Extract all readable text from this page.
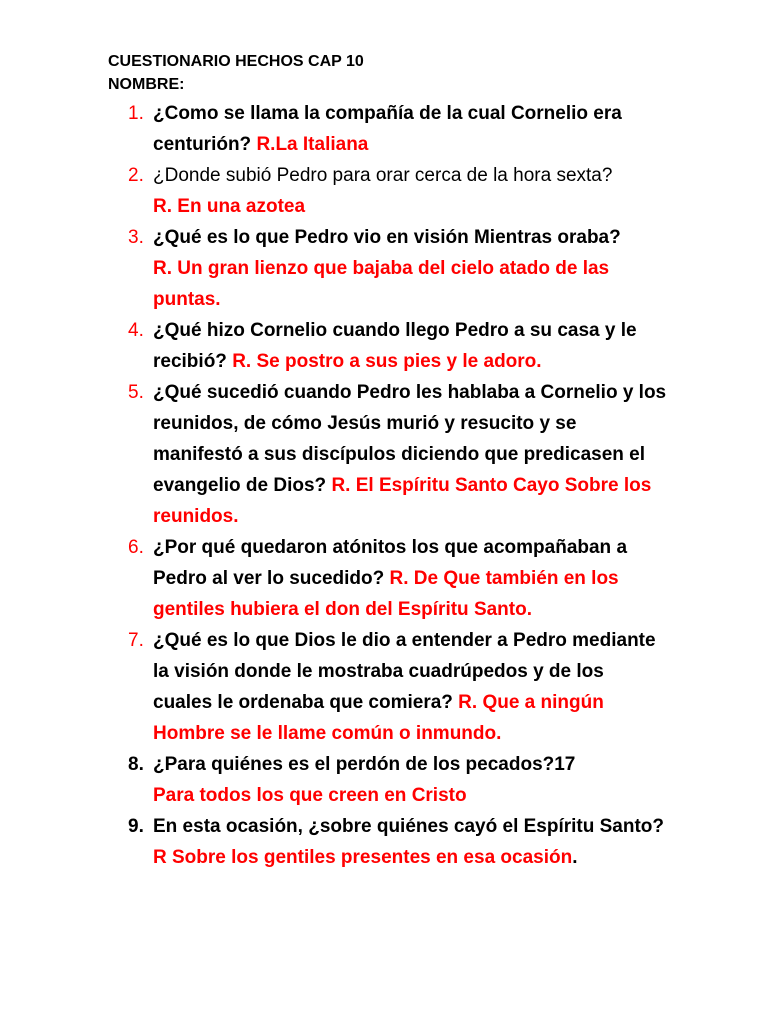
CUESTIONARIO HECHOS CAP 10
NOMBRE:
1. ¿Como se llama la compañía de la cual Cornelio era centurión? R.La Italiana
2. ¿Donde subió Pedro para orar cerca de la hora sexta?
R. En una azotea
3. ¿Qué es lo que Pedro vio en visión Mientras oraba?
R. Un gran lienzo que bajaba del cielo atado de las puntas.
4. ¿Qué hizo Cornelio cuando llego Pedro a su casa y le recibió? R. Se postro a sus pies y le adoro.
5. ¿Qué sucedió cuando Pedro les hablaba a Cornelio y los reunidos, de cómo Jesús murió y resucito y se manifestó a sus discípulos diciendo que predicasen el evangelio de Dios? R. El Espíritu Santo Cayo Sobre los reunidos.
6. ¿Por qué quedaron atónitos los que acompañaban a Pedro al ver lo sucedido? R. De Que también en los gentiles hubiera el don del Espíritu Santo.
7. ¿Qué es lo que Dios le dio a entender a Pedro mediante la visión donde le mostraba cuadrúpedos y de los cuales le ordenaba que comiera? R. Que a ningún Hombre se le llame común o inmundo.
8. ¿Para quiénes es el perdón de los pecados?17
Para todos los que creen en Cristo
9. En esta ocasión, ¿sobre quiénes cayó el Espíritu Santo? R Sobre los gentiles presentes en esa ocasión.
